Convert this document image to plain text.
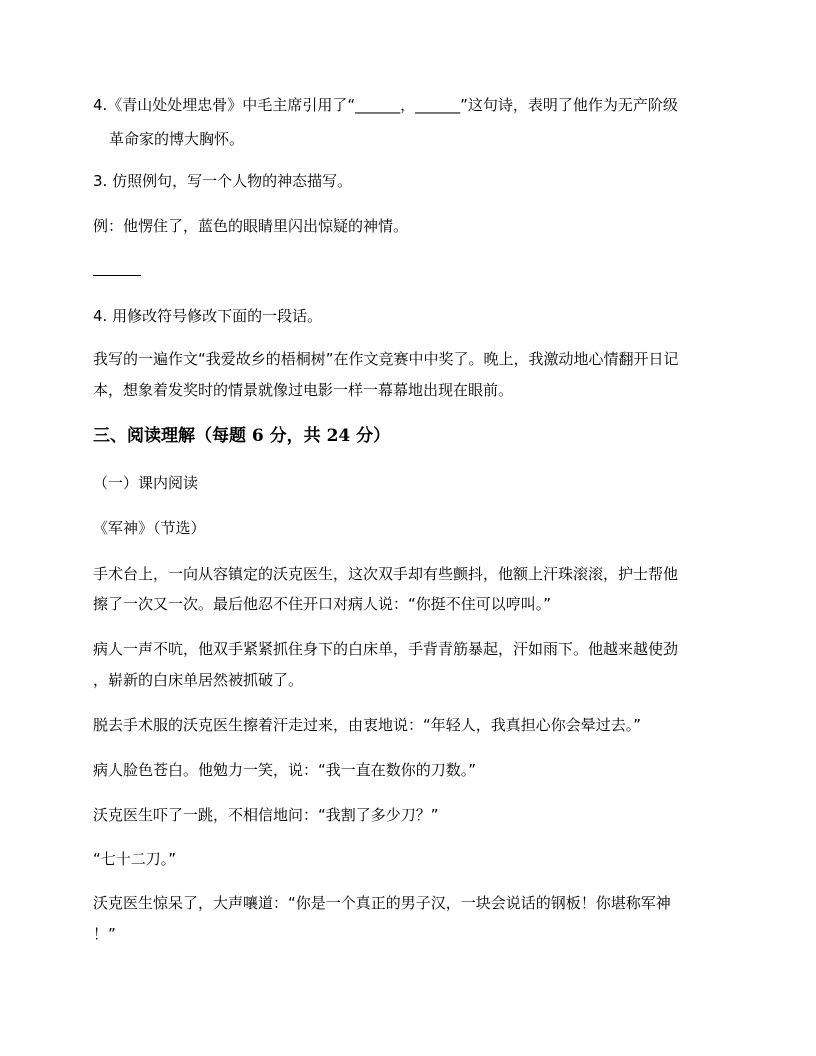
4.《青山处处埋忠骨》中毛主席引用了“______，______”这句诗，表明了他作为无产阶级
革命家的博大胸怀。
3. 仿照例句，写一个人物的神态描写。
例：他愣住了，蓝色的眼睛里闪出惊疑的神情。
4. 用修改符号修改下面的一段话。
我写的一遍作文“我爱故乡的梧桐树”在作文竞赛中中奖了。晚上，我激动地心情翻开日记
本，想象着发奖时的情景就像过电影一样一幕幕地出现在眼前。
三、阅读理解（每题 6 分，共 24 分）
（一）课内阅读
《军神》（节选）
手术台上，一向从容镇定的沃克医生，这次双手却有些颤抖，他额上汗珠滚滚，护士帮他
擦了一次又一次。最后他忍不住开口对病人说：“你挺不住可以哼叫。”
病人一声不吭，他双手紧紧抓住身下的白床单，手背青筋暴起，汗如雨下。他越来越使劲
，崭新的白床单居然被抓破了。
脱去手术服的沃克医生擦着汗走过来，由衷地说：“年轻人，我真担心你会晕过去。”
病人脸色苍白。他勉力一笑，说：“我一直在数你的刀数。”
沃克医生吓了一跳，不相信地问：“我割了多少刀？”
“七十二刀。”
沃克医生惊呆了，大声嚷道：“你是一个真正的男子汉，一块会说话的钢板！你堪称军神
！”
